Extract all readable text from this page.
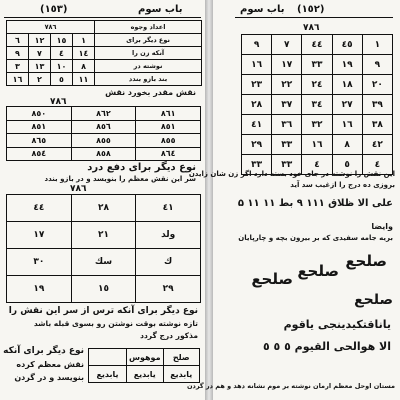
(١٥٣)	باب سوم
٧٨٦				اعداد وجوه
٦	١٢	١٥	١	نوع دیگر برای
٩	٧	٤	١٤	آنکه زن را
٣	١٣	١٠	٨	نوشته در
١٦	٢	٥	١١	بند بازو بندد
نقش مقدر بخورد نقش
٧٨٦
٨٥٠	٨٦٢	٨٦١
٨٥١	٨٥٦	٨٥١
٨٦٥	٨٥٥	٨٥٥
٨٥٤	٨٥٨	٨٦٤
نوع دیگر برای دفع درد
سر این نقش معظم را بنویسد و در بازو بندد
٧٨٦
٤٤	٢٨	٤١
١٧	٢١	ولد
٣٠	سك	ك
١٩	١٥	٢٩
نوع دیگر برای آنکه ترس از سر این نقش را
تازه نوشته بوقت نوشتن رو بسوی قبله باشد
مذکور درج گردد
نوع دیگر برای آنکه
نقش معظم کرده
بنویسد و در گردن
	موهوس	صلح
یابدیع	یابدیع	یابدیع
(١٥٢)
باب سوم
٧٨٦
٩	٧	٤٤	٤٥	١
١٦	١٧	٣٣	١٩	٩
٢٣	٢٢	٢٤	١٨	٢٠
٢٨	٣٧	٣٤	٢٧	٣٩
٤١	٣٦	٣٢	١٦	٣٨
٢٩	٣٣	١٦	٨	٤٢
٣٣	٣٣	٤	٥	٤
این نقش را نوشته در جای خود بسته دارد اگر زن شان زایدن
بروزی ده درج را ازغیب سد آید
علی الا ظلاق ۱۱۱ ۹ بط ۱۱ ۱۱ ۵
و‌ایضا
بریه جامه سفیدی که بر بیرون بچه و چارپایان
صلحع
صلحع
صلحع
صلحع
یاناقتکیدینجی یاقوم
الا هوالحی القیوم ٥ ٥ ٥
مستان اوحل معظم ارمان نوشته بر موم نشانه دهد و هم در گردن
